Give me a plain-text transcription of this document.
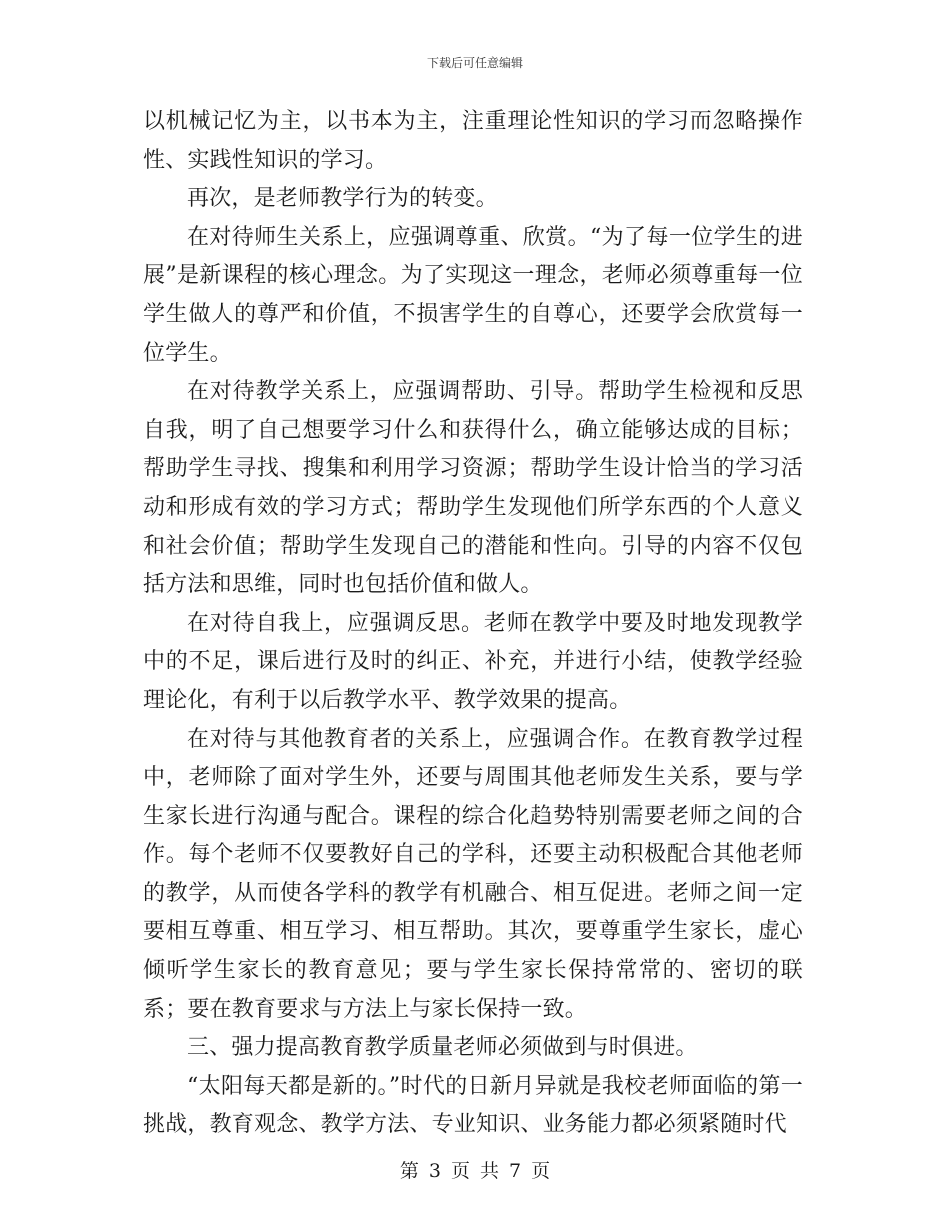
下载后可任意编辑

以机械记忆为主，以书本为主，注重理论性知识的学习而忽略操作性、实践性知识的学习。

再次，是老师教学行为的转变。

在对待师生关系上，应强调尊重、欣赏。“为了每一位学生的进展”是新课程的核心理念。为了实现这一理念，老师必须尊重每一位学生做人的尊严和价值，不损害学生的自尊心，还要学会欣赏每一位学生。

在对待教学关系上，应强调帮助、引导。帮助学生检视和反思自我，明了自己想要学习什么和获得什么，确立能够达成的目标；帮助学生寻找、搜集和利用学习资源；帮助学生设计恰当的学习活动和形成有效的学习方式；帮助学生发现他们所学东西的个人意义和社会价值；帮助学生发现自己的潜能和性向。引导的内容不仅包括方法和思维，同时也包括价值和做人。

在对待自我上，应强调反思。老师在教学中要及时地发现教学中的不足，课后进行及时的纠正、补充，并进行小结，使教学经验理论化，有利于以后教学水平、教学效果的提高。

在对待与其他教育者的关系上，应强调合作。在教育教学过程中，老师除了面对学生外，还要与周围其他老师发生关系，要与学生家长进行沟通与配合。课程的综合化趋势特别需要老师之间的合作。每个老师不仅要教好自己的学科，还要主动积极配合其他老师的教学，从而使各学科的教学有机融合、相互促进。老师之间一定要相互尊重、相互学习、相互帮助。其次，要尊重学生家长，虚心倾听学生家长的教育意见；要与学生家长保持常常的、密切的联系；要在教育要求与方法上与家长保持一致。

三、强力提高教育教学质量老师必须做到与时俱进。

“太阳每天都是新的。”时代的日新月异就是我校老师面临的第一挑战，教育观念、教学方法、专业知识、业务能力都必须紧随时代

第 3 页 共 7 页
